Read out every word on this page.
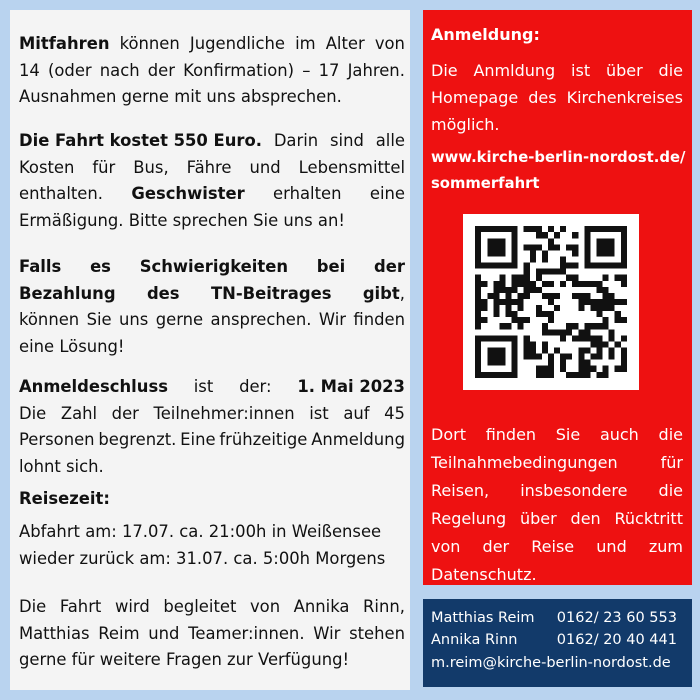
Mitfahren können Jugendliche im Alter von
14 (oder nach der Konfirmation) – 17 Jahren.
Ausnahmen gerne mit uns absprechen.
Die Fahrt kostet 550 Euro. Darin sind alle
Kosten für Bus, Fähre und Lebensmittel
enthalten. Geschwister erhalten eine
Ermäßigung. Bitte sprechen Sie uns an!
Falls es Schwierigkeiten bei der
Bezahlung des TN-Beitrages gibt,
können Sie uns gerne ansprechen. Wir finden
eine Lösung!
Anmeldeschluss ist der: 1. Mai 2023
Die Zahl der Teilnehmer:innen ist auf 45
Personen begrenzt. Eine frühzeitige Anmeldung
lohnt sich.
Reisezeit:
Abfahrt am: 17.07. ca. 21:00h in Weißensee
wieder zurück am: 31.07. ca. 5:00h Morgens
Die Fahrt wird begleitet von Annika Rinn,
Matthias Reim und Teamer:innen. Wir stehen
gerne für weitere Fragen zur Verfügung!
Anmeldung:
Die Anmldung ist über die
Homepage des Kirchenkreises
möglich.
www.kirche-berlin-nordost.de/
sommerfahrt
Dort finden Sie auch die
Teilnahmebedingungen	für
Reisen, insbesondere die
Regelung über den Rücktritt
von der Reise und zum
Datenschutz.
Matthias Reim 0162/ 23 60 553
Annika Rinn	0162/ 20 40 441
m.reim@kirche-berlin-nordost.de
